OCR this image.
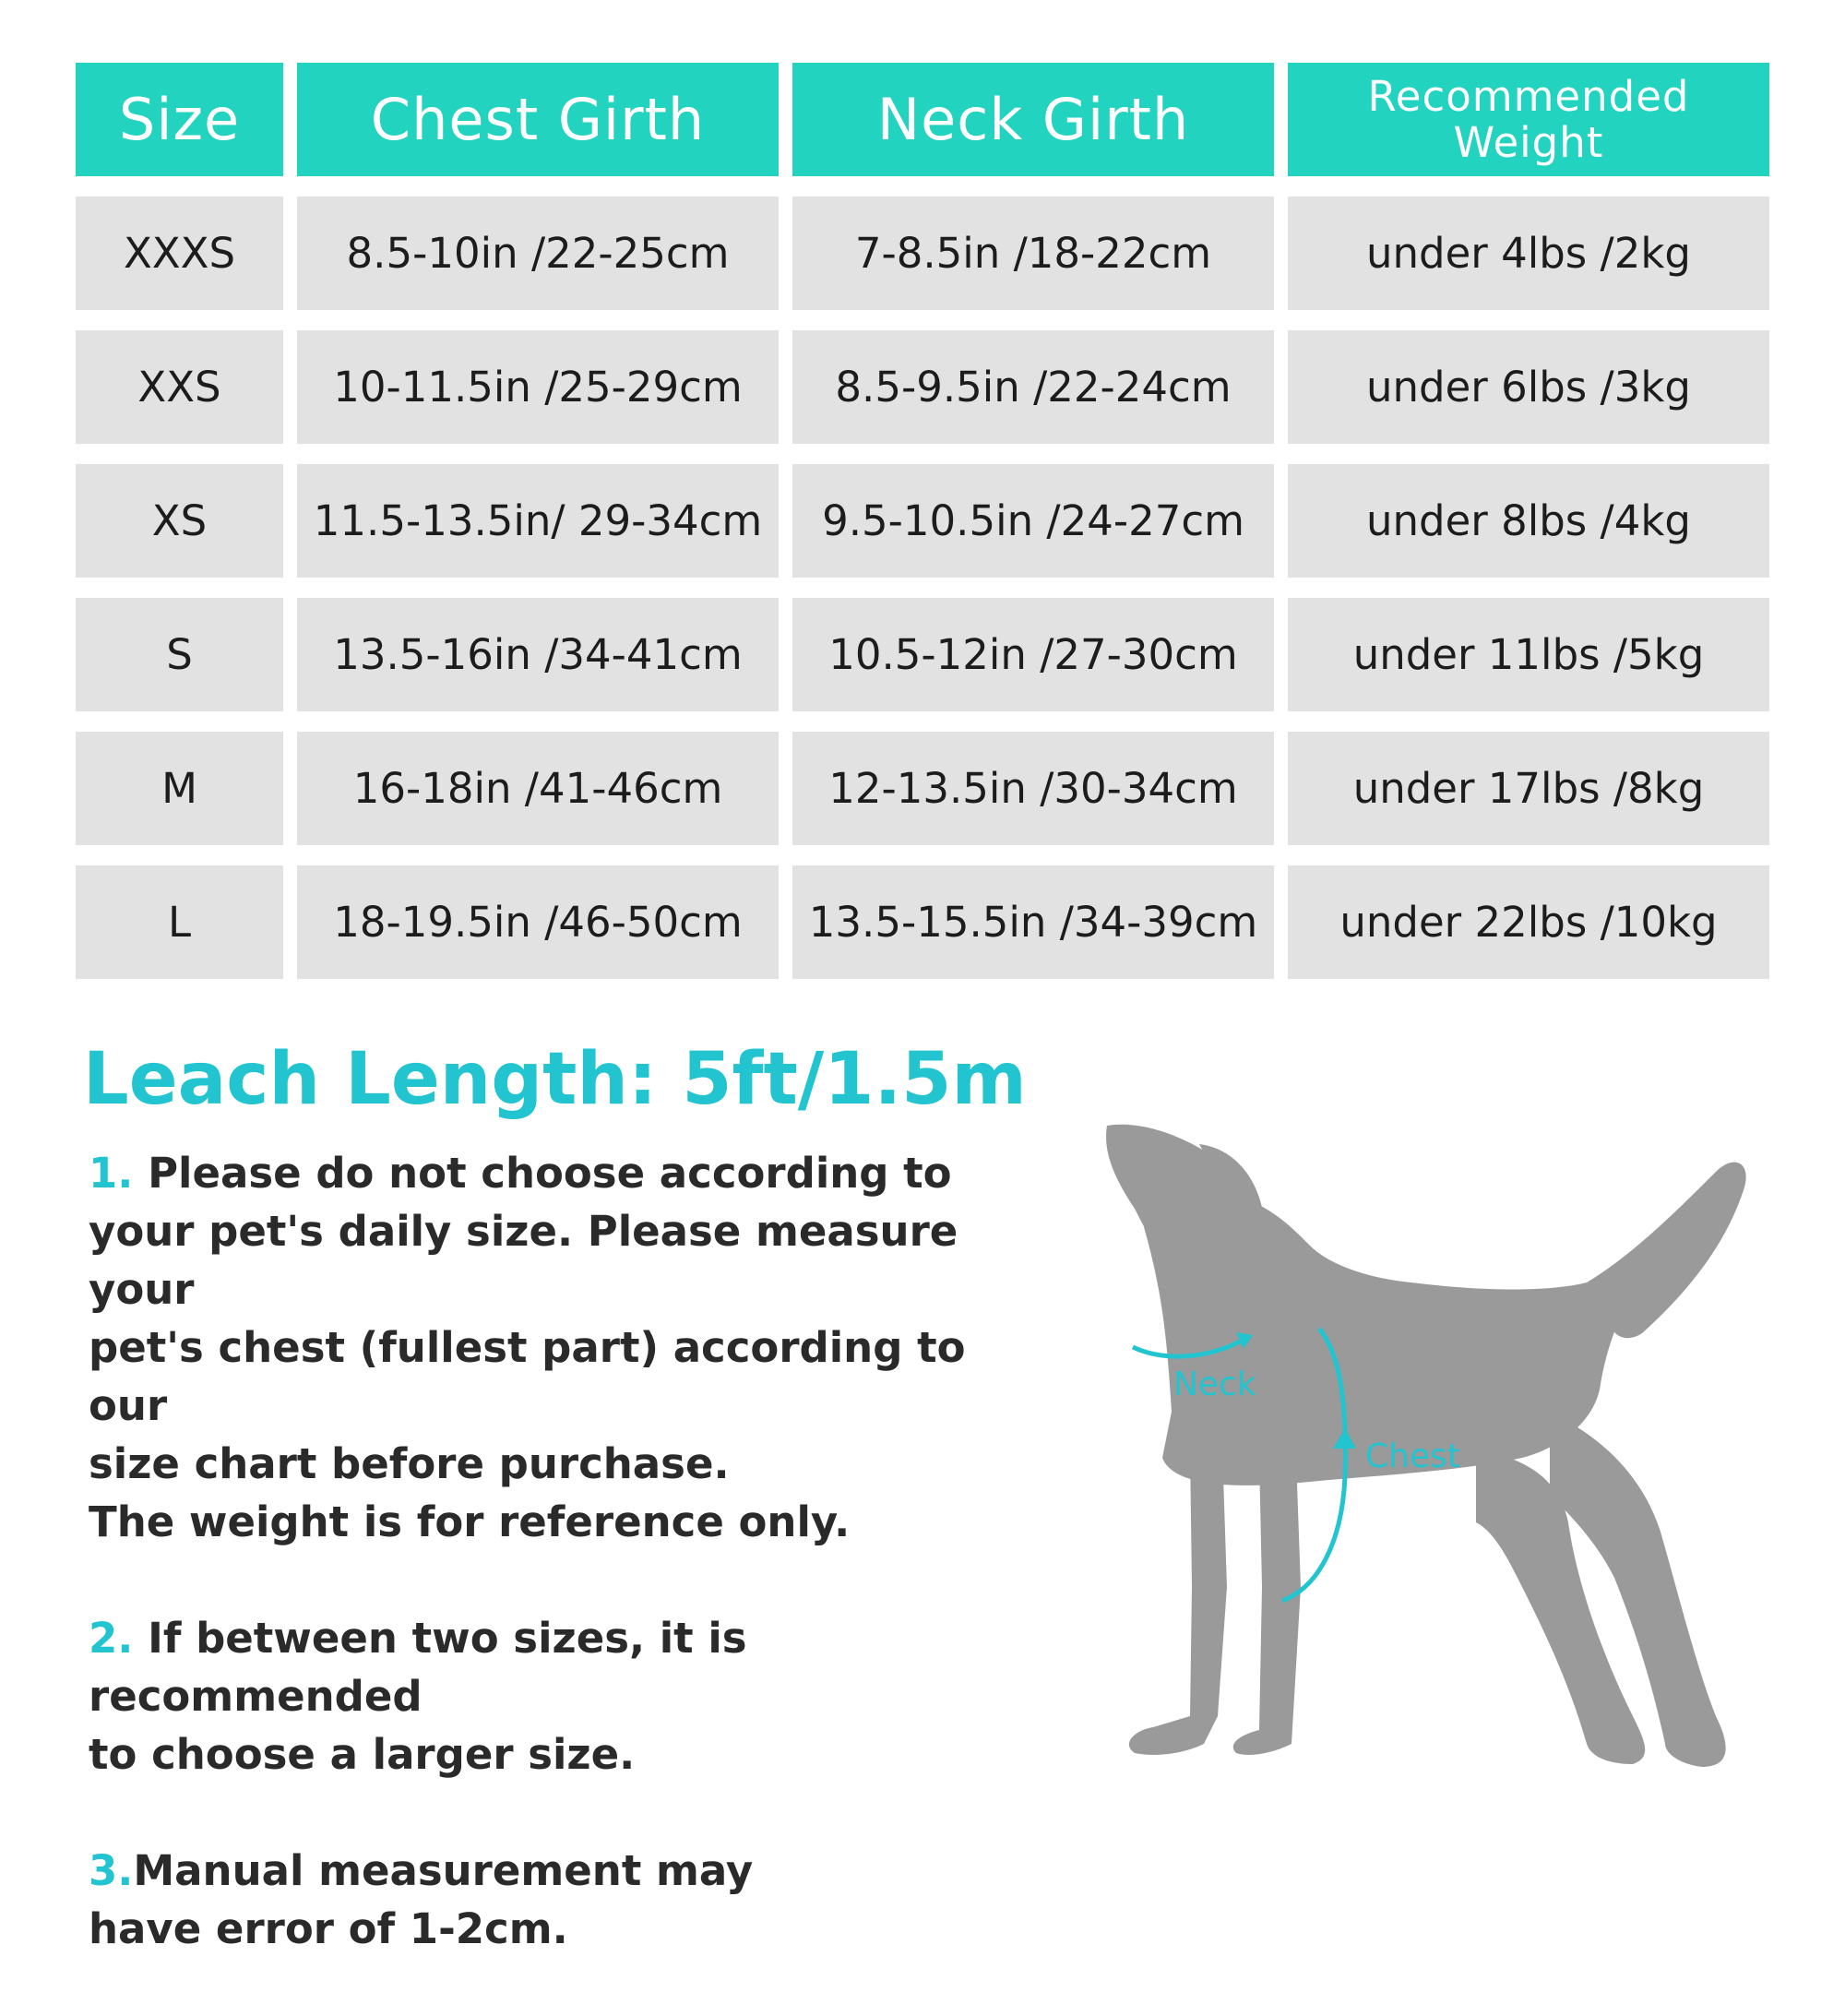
Size	Chest Girth	Neck Girth	Recommended Weight
XXXS	8.5-10in /22-25cm	7-8.5in /18-22cm	under 4lbs /2kg
XXS	10-11.5in /25-29cm	8.5-9.5in /22-24cm	under 6lbs /3kg
XS	11.5-13.5in/ 29-34cm	9.5-10.5in /24-27cm	under 8lbs /4kg
S	13.5-16in /34-41cm	10.5-12in /27-30cm	under 11lbs /5kg
M	16-18in /41-46cm	12-13.5in /30-34cm	under 17lbs /8kg
L	18-19.5in /46-50cm	13.5-15.5in /34-39cm	under 22lbs /10kg
Leach Length: 5ft/1.5m

1. Please do not choose according to
your pet's daily size. Please measure your
pet's chest (fullest part) according to our
size chart before purchase.
The weight is for reference only.

2. If between two sizes, it is recommended
to choose a larger size.

3.Manual measurement may
have error of 1-2cm.

Neck
Chest
